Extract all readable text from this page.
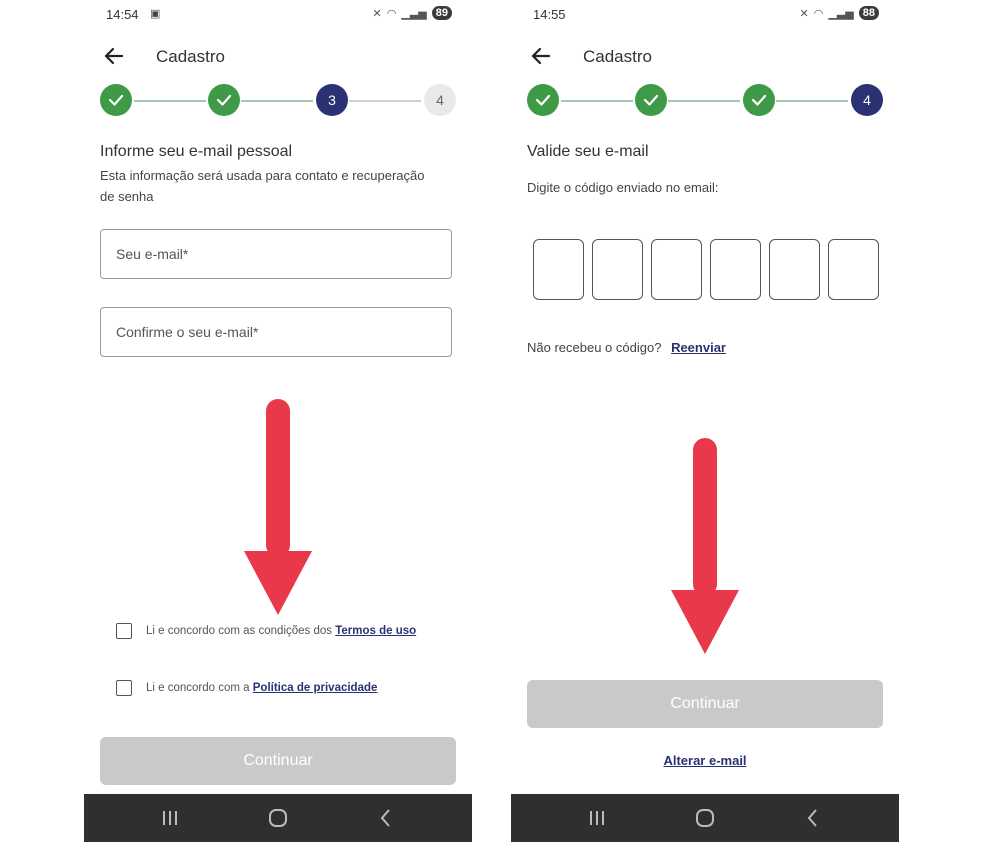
14:54 ▣	✕ ◠ ▁▃▅ 89
Cadastro
3	4
Informe seu e-mail pessoal
Esta informação será usada para contato e recuperação de senha
Seu e-mail*
Confirme o seu e-mail*
Li e concordo com as condições dos Termos de uso
Li e concordo com a Política de privacidade
Continuar
14:55	✕ ◠ ▁▃▅ 88
Cadastro
4
Valide seu e-mail
Digite o código enviado no email:
Não recebeu o código? Reenviar
Continuar
Alterar e-mail
